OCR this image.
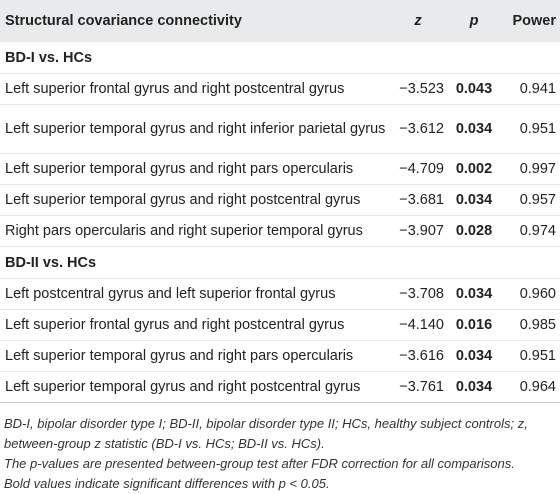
Structural covariance connectivity	z	p	Power
BD-I vs. HCs			
Left superior frontal gyrus and right postcentral gyrus	−3.523	0.043	0.941
Left superior temporal gyrus and right inferior parietal gyrus	−3.612	0.034	0.951
Left superior temporal gyrus and right pars opercularis	−4.709	0.002	0.997
Left superior temporal gyrus and right postcentral gyrus	−3.681	0.034	0.957
Right pars opercularis and right superior temporal gyrus	−3.907	0.028	0.974
BD-II vs. HCs			
Left postcentral gyrus and left superior frontal gyrus	−3.708	0.034	0.960
Left superior frontal gyrus and right postcentral gyrus	−4.140	0.016	0.985
Left superior temporal gyrus and right pars opercularis	−3.616	0.034	0.951
Left superior temporal gyrus and right postcentral gyrus	−3.761	0.034	0.964

BD-I, bipolar disorder type I; BD-II, bipolar disorder type II; HCs, healthy subject controls; z, between-group z statistic (BD-I vs. HCs; BD-II vs. HCs).

The p-values are presented between-group test after FDR correction for all comparisons.

Bold values indicate significant differences with p < 0.05.
